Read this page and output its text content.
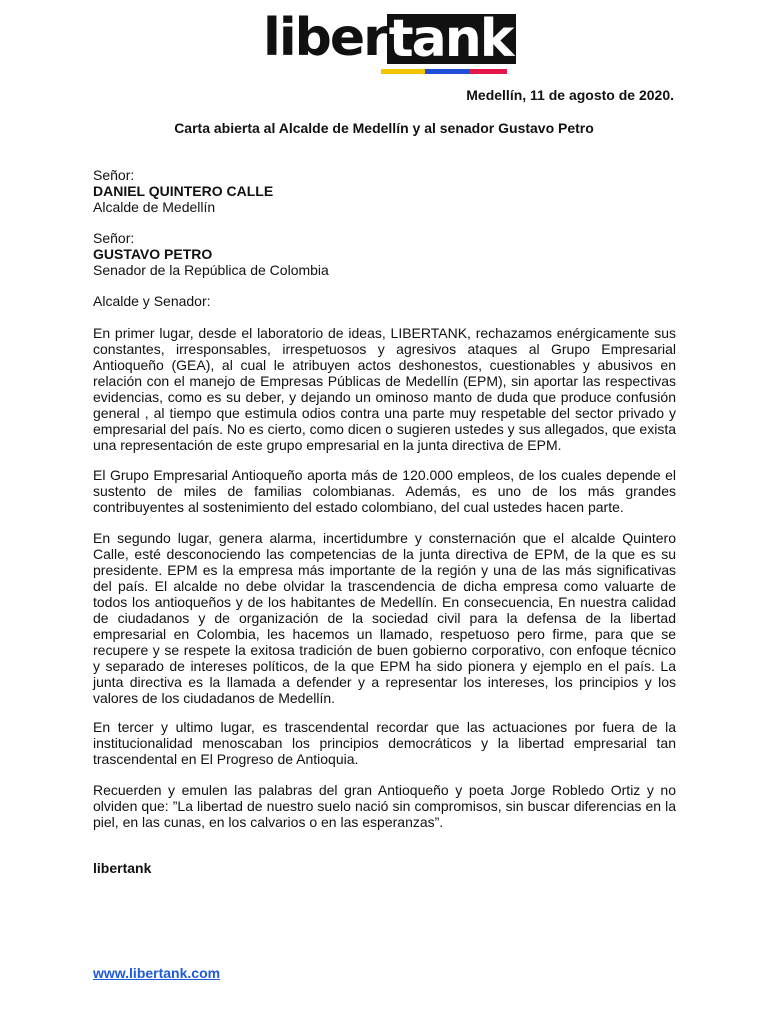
liber tank
Medellín, 11 de agosto de 2020.
Carta abierta al Alcalde de Medellín y al senador Gustavo Petro
Señor:
DANIEL QUINTERO CALLE
Alcalde de Medellín
Señor:
GUSTAVO PETRO
Senador de la República de Colombia
Alcalde y Senador:

En primer lugar, desde el laboratorio de ideas, LIBERTANK, rechazamos enérgicamente sus constantes, irresponsables, irrespetuosos y agresivos ataques al Grupo Empresarial Antioqueño (GEA), al cual le atribuyen actos deshonestos, cuestionables y abusivos en relación con el manejo de Empresas Públicas de Medellín (EPM), sin aportar las respectivas evidencias, como es su deber, y dejando un ominoso manto de duda que produce confusión general , al tiempo que estimula odios contra una parte muy respetable del sector privado y empresarial del país. No es cierto, como dicen o sugieren ustedes y sus allegados, que exista una representación de este grupo empresarial en la junta directiva de EPM.

El Grupo Empresarial Antioqueño aporta más de 120.000 empleos, de los cuales depende el sustento de miles de familias colombianas. Además, es uno de los más grandes contribuyentes al sostenimiento del estado colombiano, del cual ustedes hacen parte.

En segundo lugar, genera alarma, incertidumbre y consternación que el alcalde Quintero Calle, esté desconociendo las competencias de la junta directiva de EPM, de la que es su presidente. EPM es la empresa más importante de la región y una de las más significativas del país. El alcalde no debe olvidar la trascendencia de dicha empresa como valuarte de todos los antioqueños y de los habitantes de Medellín. En consecuencia, En nuestra calidad de ciudadanos y de organización de la sociedad civil para la defensa de la libertad empresarial en Colombia, les hacemos un llamado, respetuoso pero firme, para que se recupere y se respete la exitosa tradición de buen gobierno corporativo, con enfoque técnico y separado de intereses políticos, de la que EPM ha sido pionera y ejemplo en el país. La junta directiva es la llamada a defender y a representar los intereses, los principios y los valores de los ciudadanos de Medellín.

En tercer y ultimo lugar, es trascendental recordar que las actuaciones por fuera de la institucionalidad menoscaban los principios democráticos y la libertad empresarial tan trascendental en El Progreso de Antioquia.

Recuerden y emulen las palabras del gran Antioqueño y poeta Jorge Robledo Ortiz y no olviden que: ”La libertad de nuestro suelo nació sin compromisos, sin buscar diferencias en la piel, en las cunas, en los calvarios o en las esperanzas”.

libertank
www.libertank.com
